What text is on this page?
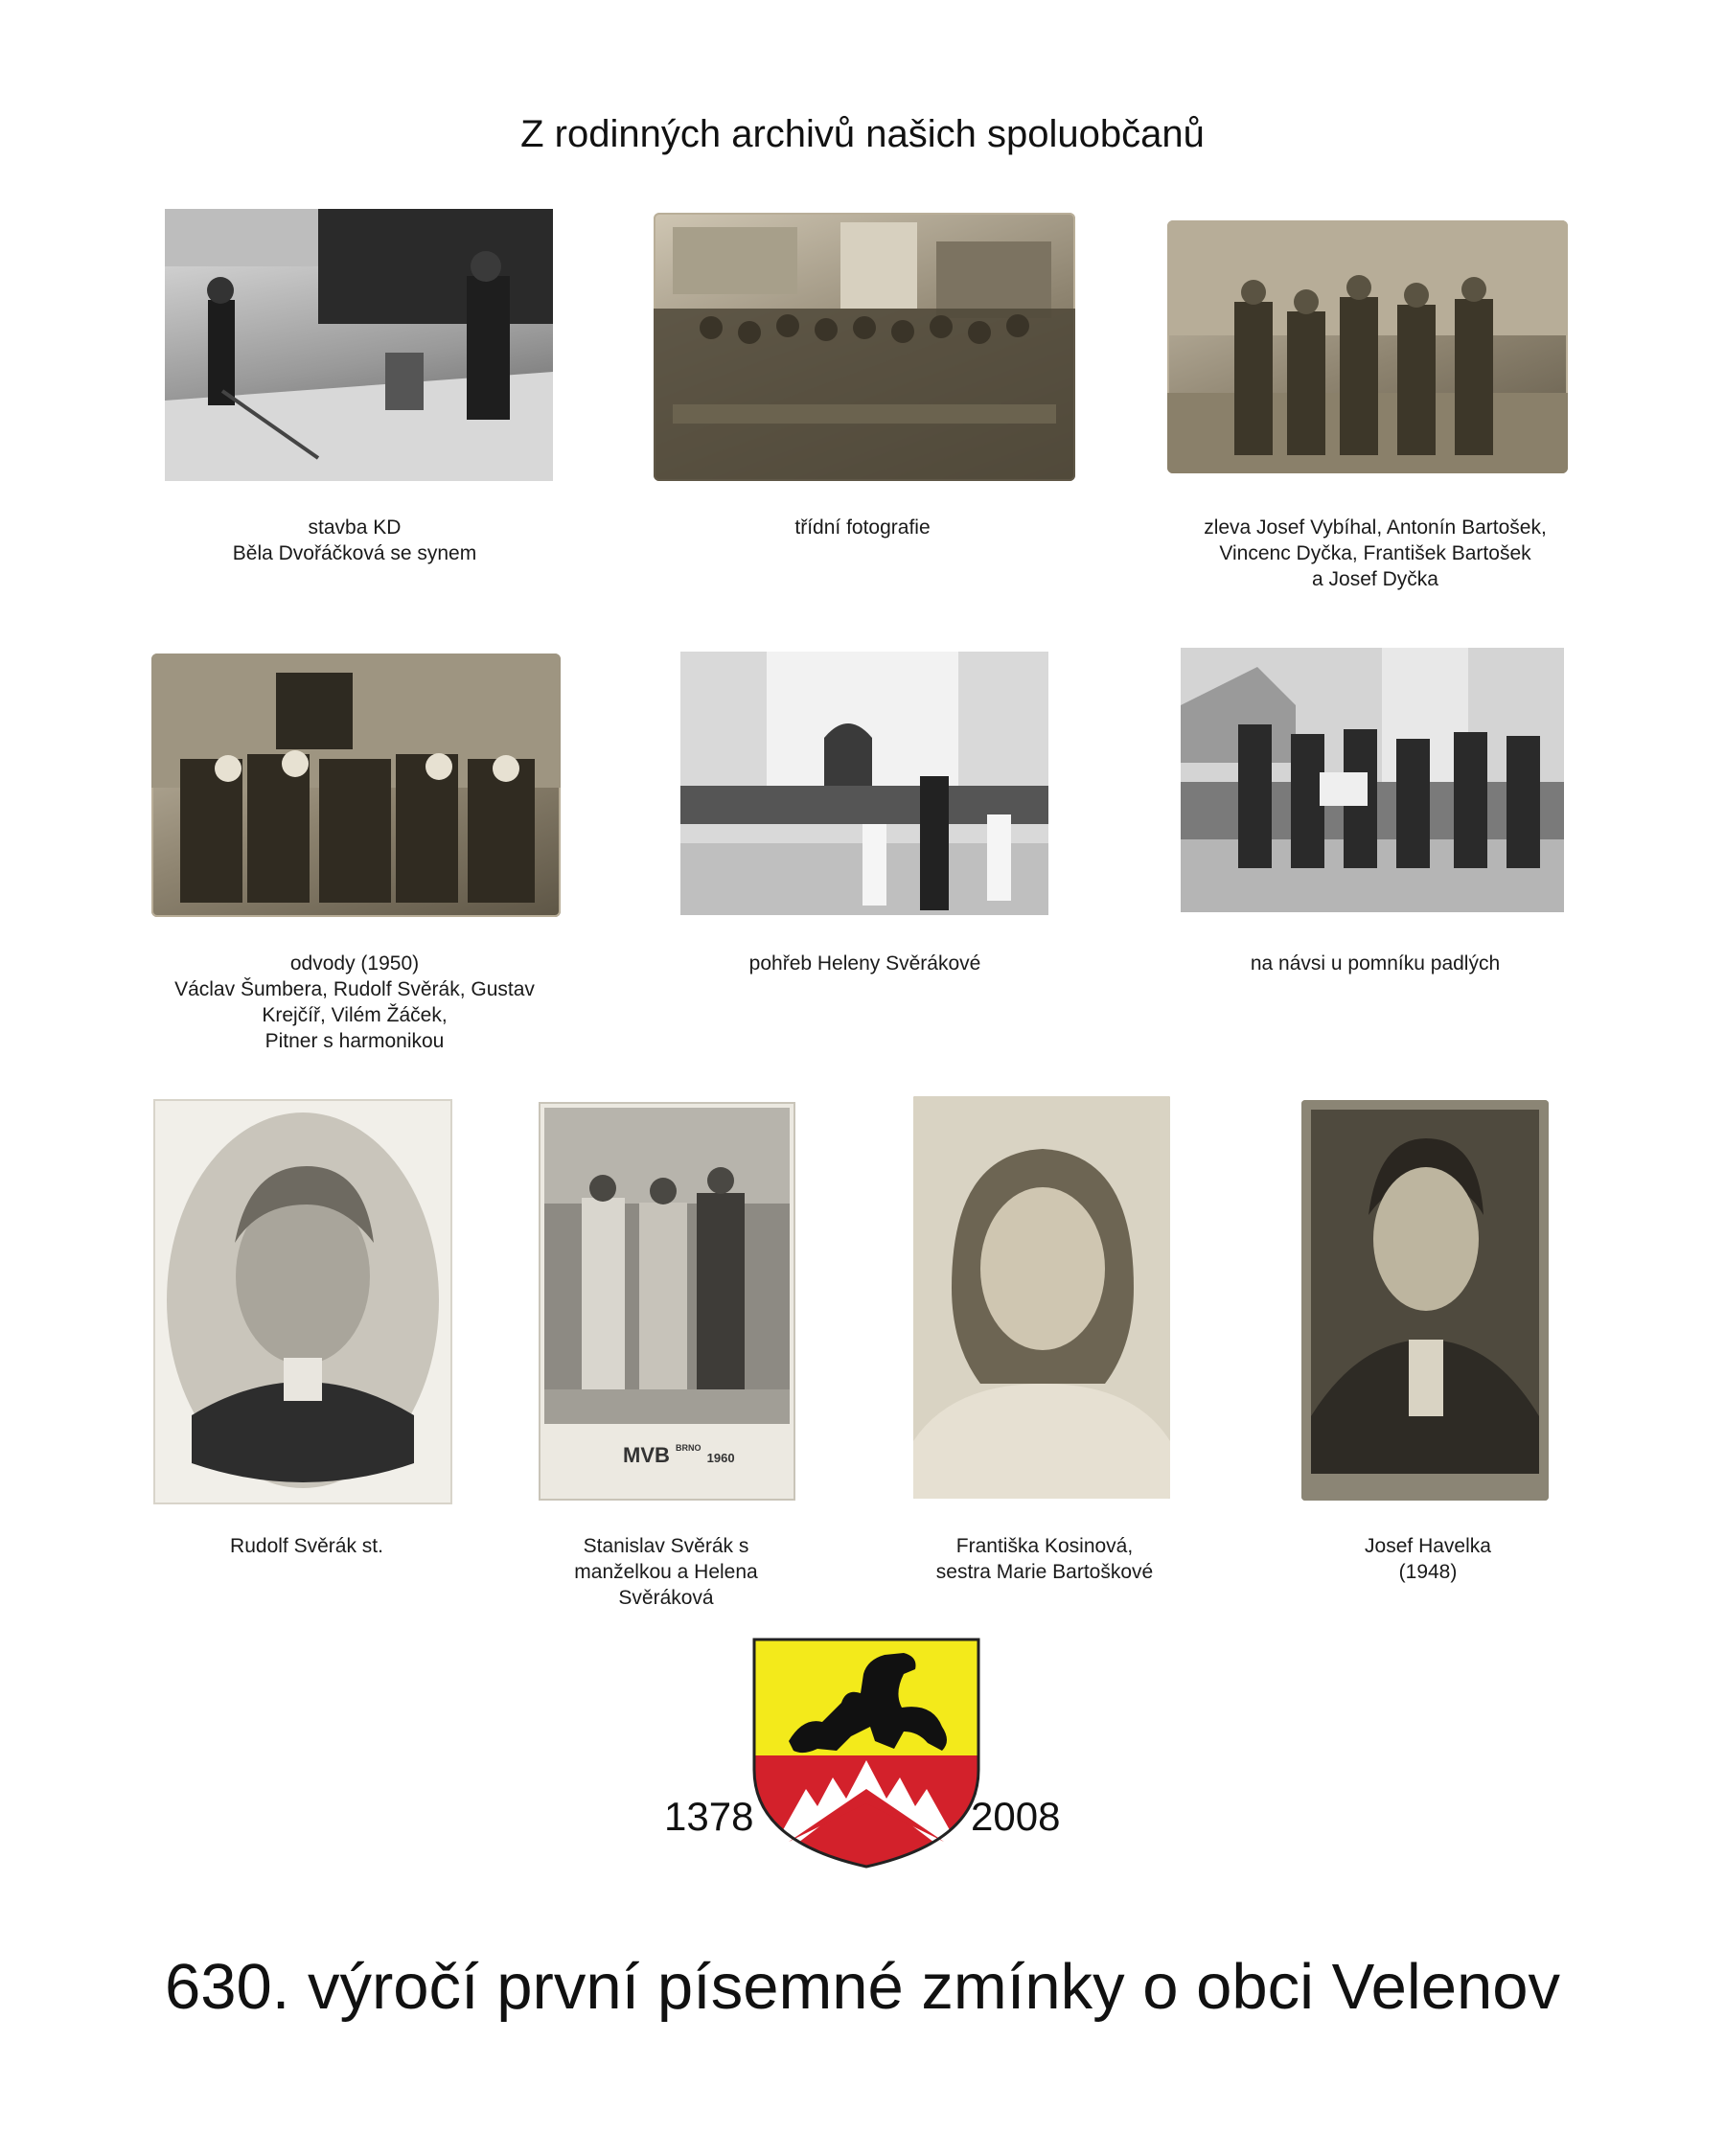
Z rodinných archivů našich spoluobčanů
stavba KD
Běla Dvořáčková se synem
třídní fotografie	zleva Josef Vybíhal, Antonín Bartošek,
Vincenc Dyčka, František Bartošek
a Josef Dyčka
odvody (1950)
Václav Šumbera, Rudolf Svěrák, Gustav
Krejčíř, Vilém Žáček,
Pitner s harmonikou
pohřeb Heleny Svěrákové	na návsi u pomníku padlých
MVB $^{BRNO}$ 1960
Rudolf Svěrák st.	Stanislav Svěrák s
manželkou a Helena
Svěráková
Františka Kosinová,
sestra Marie Bartoškové
Josef Havelka
(1948)
1378	2008
630. výročí první písemné zmínky o obci Velenov
